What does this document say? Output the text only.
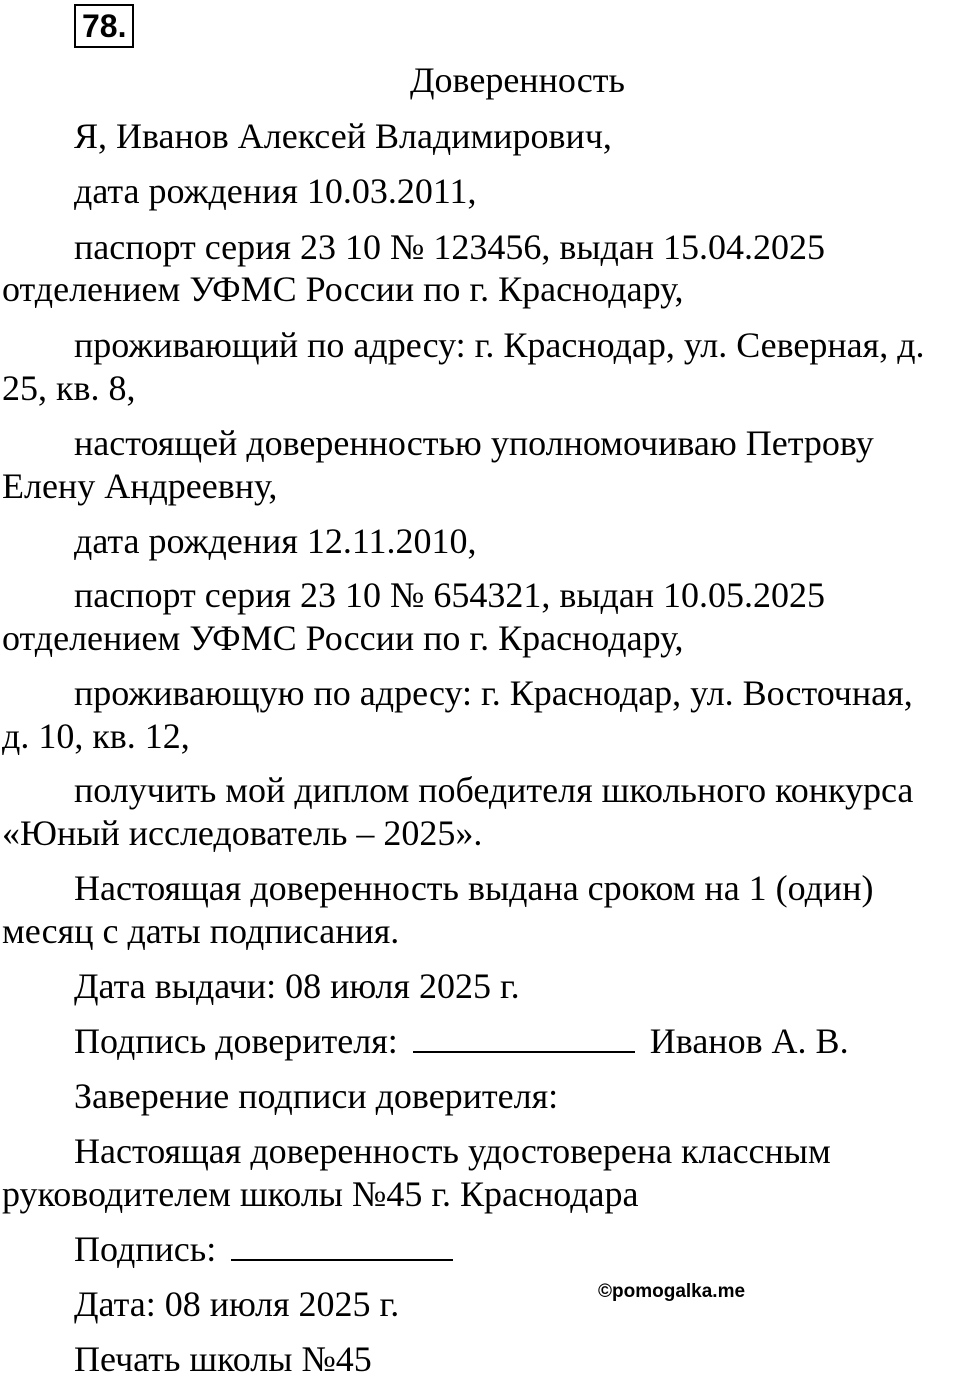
78.
Доверенность
Я, Иванов Алексей Владимирович,
дата рождения 10.03.2011,
паспорт серия 23 10 № 123456, выдан 15.04.2025
отделением УФМС России по г. Краснодару,
проживающий по адресу: г. Краснодар, ул. Северная, д.
25, кв. 8,
настоящей доверенностью уполномочиваю Петрову
Елену Андреевну,
дата рождения 12.11.2010,
паспорт серия 23 10 № 654321, выдан 10.05.2025
отделением УФМС России по г. Краснодару,
проживающую по адресу: г. Краснодар, ул. Восточная,
д. 10, кв. 12,
получить мой диплом победителя школьного конкурса
«Юный исследователь – 2025».
Настоящая доверенность выдана сроком на 1 (один)
месяц с даты подписания.
Дата выдачи: 08 июля 2025 г.
Подпись доверителя:	Иванов А. В.
Заверение подписи доверителя:
Настоящая доверенность удостоверена классным
руководителем школы №45 г. Краснодара
Подпись:
Дата: 08 июля 2025 г.	©pomogalka.me
Печать школы №45
